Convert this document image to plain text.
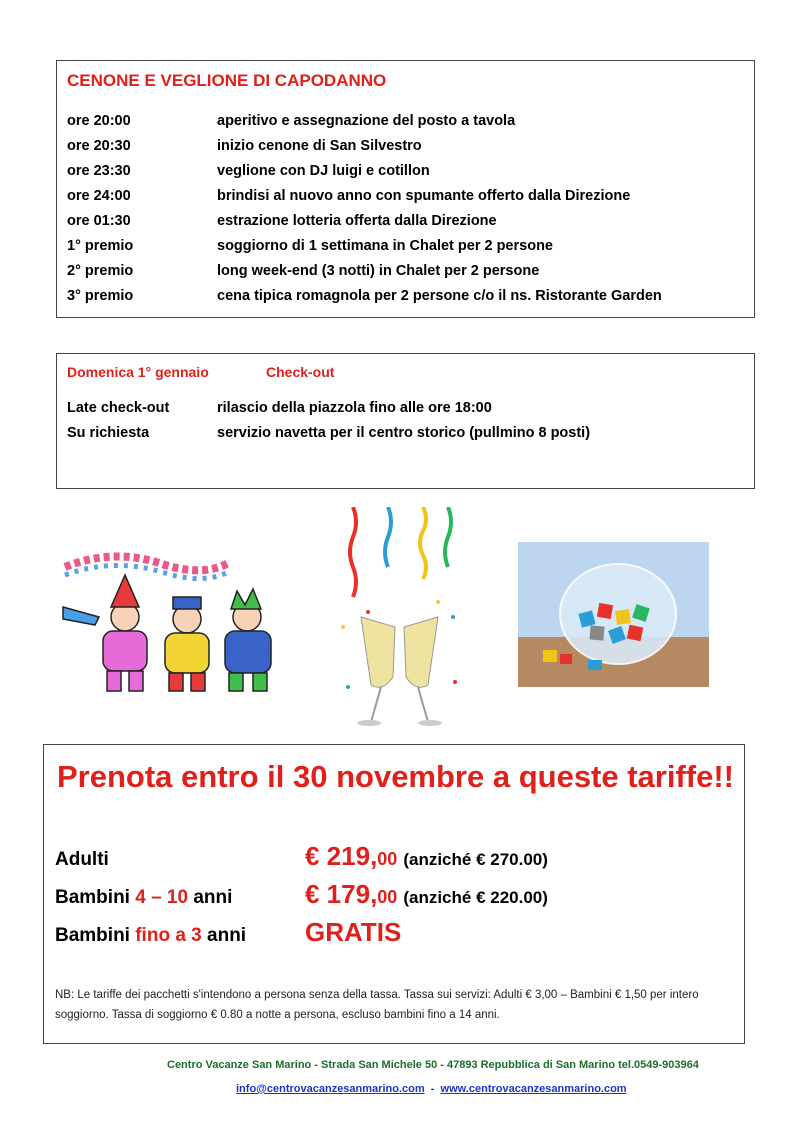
CENONE E VEGLIONE DI CAPODANNO
ore 20:00	aperitivo e assegnazione del posto a tavola
ore 20:30	inizio cenone di San Silvestro
ore 23:30	veglione con DJ luigi e cotillon
ore 24:00	brindisi al nuovo anno con spumante offerto dalla Direzione
ore 01:30	estrazione lotteria offerta dalla Direzione
1° premio	soggiorno di 1 settimana in Chalet per 2 persone
2° premio	long week-end (3 notti) in Chalet per 2 persone
3° premio	cena tipica romagnola per 2 persone c/o il ns. Ristorante Garden
Domenica 1° gennaio	Check-out
Late check-out	rilascio della piazzola fino alle ore 18:00
Su richiesta	servizio navetta per il centro storico (pullmino 8 posti)
Prenota entro il 30 novembre a queste tariffe!!
Adulti	€ 219, 00 (anziché € 270.00)
Bambini 4 – 10 anni	€ 179, 00 (anziché € 220.00)
Bambini fino a 3 anni	GRATIS
NB: Le tariffe dei pacchetti s'intendono a persona senza della tassa. Tassa sui servizi: Adulti € 3,00 – Bambini € 1,50 per intero soggiorno. Tassa di soggiorno € 0.80 a notte a persona, escluso bambini fino a 14 anni.
Centro Vacanze San Marino - Strada San Michele 50 - 47893 Repubblica di San Marino tel.0549-903964
info@centrovacanzesanmarino.com - www.centrovacanzesanmarino.com
